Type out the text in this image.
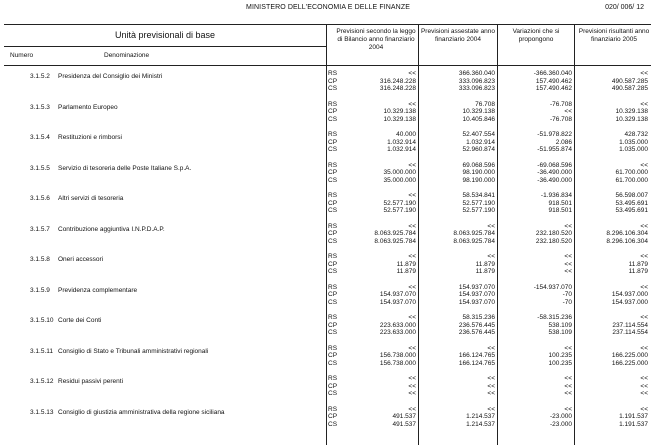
MINISTERO DELL'ECONOMIA E DELLE FINANZE	020/ 006/ 12
Unità previsionali di base
Numero	Denominazione
Previsioni secondo la leggo di Bilancio anno finanziario 2004
Previsioni assestate anno finanziario 2004
Variazioni che si propongono
Previsioni risultanti anno finanziario 2005
3.1.5.2 Presidenza del Consiglio dei Ministri	RS	<<	366.360.040	-366.360.040	<<
CP	316.248.228	333.096.823	157.490.462	490.587.285
CS	316.248.228	333.096.823	157.490.462	490.587.285
3.1.5.3 Parlamento Europeo	RS	<<	76.708	-76.708	<<
CP	10.329.138	10.329.138	<<	10.329.138
CS	10.329.138	10.405.846	-76.708	10.329.138
3.1.5.4 Restituzioni e rimborsi	RS	40.000	52.407.554	-51.978.822	428.732
CP	1.032.914	1.032.914	2.086	1.035.000
CS	1.032.914	52.960.874	-51.955.874	1.035.000
3.1.5.5 Servizio di tesoreria delle Poste Italiane S.p.A.	RS	<<	69.068.596	-69.068.596	<<
CP	35.000.000	98.190.000	-36.490.000	61.700.000
CS	35.000.000	98.190.000	-36.490.000	61.700.000
3.1.5.6 Altri servizi di tesoreria	RS	<<	58.534.841	-1.936.834	56.598.007
CP	52.577.190	52.577.190	918.501	53.495.691
CS	52.577.190	52.577.190	918.501	53.495.691
3.1.5.7 Contribuzione aggiuntiva I.N.P.D.A.P.	RS	<<	<<	<<	<<
CP	8.063.925.784	8.063.925.784	232.180.520	8.296.106.304
CS	8.063.925.784	8.063.925.784	232.180.520	8.296.106.304
3.1.5.8 Oneri accessori	RS	<<	<<	<<	<<
CP	11.879	11.879	<<	11.879
CS	11.879	11.879	<<	11.879
3.1.5.9 Previdenza complementare	RS	<<	154.937.070	-154.937.070	<<
CP	154.937.070	154.937.070	-70	154.937.000
CS	154.937.070	154.937.070	-70	154.937.000
3.1.5.10 Corte dei Conti	RS	<<	58.315.236	-58.315.236	<<
CP	223.633.000	236.576.445	538.109	237.114.554
CS	223.633.000	236.576.445	538.109	237.114.554
3.1.5.11 Consiglio di Stato e Tribunali amministrativi regionali	RS	<<	<<	<<	<<
CP	156.738.000	166.124.765	100.235	166.225.000
CS	156.738.000	166.124.765	100.235	166.225.000
3.1.5.12 Residui passivi perenti	RS	<<	<<	<<	<<
CP	<<	<<	<<	<<
CS	<<	<<	<<	<<
3.1.5.13 Consiglio di giustizia amministrativa della regione siciliana	RS	<<	<<	<<	<<
CP	491.537	1.214.537	-23.000	1.191.537
CS	491.537	1.214.537	-23.000	1.191.537
